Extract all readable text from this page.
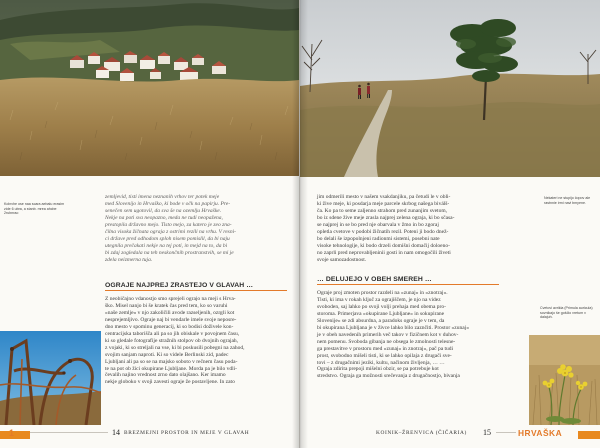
Kolnvhe ose naa scara aebalu erasim

zide 6 ubra, a stanb. mrea ahcbe

2rubnrao

zemljevid, tisti imena neznanih vrhov ter potek meje

med Slovenijo in Hrvaško, ki bode v očk na papirju. Pre-

senečen sem ugotovil, da sva še na ozemlju Hrvaške.

Nekje na poti sva neopazno, meda ne tudi neopažena,

prestopila državno mejo. Tisto mejo, za katero je zeo zna-

čilna visoka žičnata ograja z ostrimi rezili na vrhu. V resni-

ci države pred odhodom sploh nisem pomislil, da bi naju

utegnila prečakati nekje na tej poti, in mejd na to, da bi

bi zdaj zogledala na teh neskončnih prostranstvih, se mi je

zdela neizmerna tuja.

OGRAJE NAJPREJ ZRASTEJO V GLAVAH …

Z neobičajno vdanostjo smo sprejeli ograjo na meji s Hrva-

ško. Misel nanjo bi še kratek čas pred tem, ko so varuhi

»naše zemlje« v njo zakoličili avode razseljenih, ozrgli kot

nesprejemljivo. Ograje naj bi vendarle imele svoje neposre-

dno mesto v spominu generacij, ki so bodisi doživele kon-

centracijska taborišča ali pa so jih obiskale v povojnem času,

ki so gledale fotografije stražnih stolpov ob dvojnih ograjah,

z vojaki, ki so streljali na vse, ki bi poskusili pobegni na zahod,

svojim sanjam naproti. Ki so videle Berlinski zid, padec

Ljubljani ali pa so se na majsko soboto v rečnem času poda-

te na pot ob žici okupirane Ljubljane. Morda pa je bilo vdli-

čevalih najino vrednost zrno dato olajšano. Ker imamo

nekje globoko v svoji zavesti ograje že postavljene. In zato

1	14 BREZMEJNI PROSTOR IN MEJE V GLAVAH

Nekateri ne stupijo čopov ale

rastnnie irmi navi bmyene.

jim odmerili mesto v našem vsakdanjiku, pa četudi le v obli-

ki žive meje, ki posdarja meje parcele skrbog našega biválš-

ča. Ko pa to seme zaljenno strahom pred zunanjim svetom,

bo iz sdene žive meje zrasla najprej zelena ograja, ki bo sčasa-

se najprej in se bo pred nje obarvala v žmo in bo zgoraj

opletla cvetove v podobi žičnatih rezil. Poteni ji bodo dnež-

bo delali še izpopolnjeni radionmi sistemi, posebni nate

visoke tehnologije, ki bodo drzeli domišni domačij doloeno-

no zaprli pred neprovabljeninii gosti in nam omogočili živeti

svoje samozadostnost.

… DELUJEJO V OBEH SMEREH …

Ograje proj zmoten prostor razdeli na »zunaj« in »znotraj«.

Tisti, ki ima v rokah ključ za ograjiščem, je njo na videz

svoboden, saj lahko po svoji volji prehaja med obema pro-

storoma. Primerjava »okupirane Ljubljane« in sokupirane

Slovenije« se zdi absurdna, a paradoks ograje je v tem, da

bi okupirana Ljubljana je v živce lahko bilo zaznčiti. Prostor »zunaj«

je v obeh navedenih primerih več takov v fizičnem kot v duhov-

nem pomenu. Svoboda gibanja ne obsega le zmolnosti telesne-

ga prestavitve v prostoru med »zunaj« in znotraj«, pač pa tudi

prost, svobodno mišeli tisti, ki se lahko opilaja z drugači sve-

tovi – z drugačnimi jeziki, kultu, načinom življenja, … …

Ograja zdirita prepoji mišelni obzir, se pa potrebuje kot

stredstvo. Ograja ga možnosti srečevanja z drugačnostjo, bivanja

Cvetovi avrikla (Primula auricula)

sovnikajo še goščlo vretum v dalajuh.

KOINIK–ŽRENVICA (ČIČARIA) 15	HRVAŠKA
